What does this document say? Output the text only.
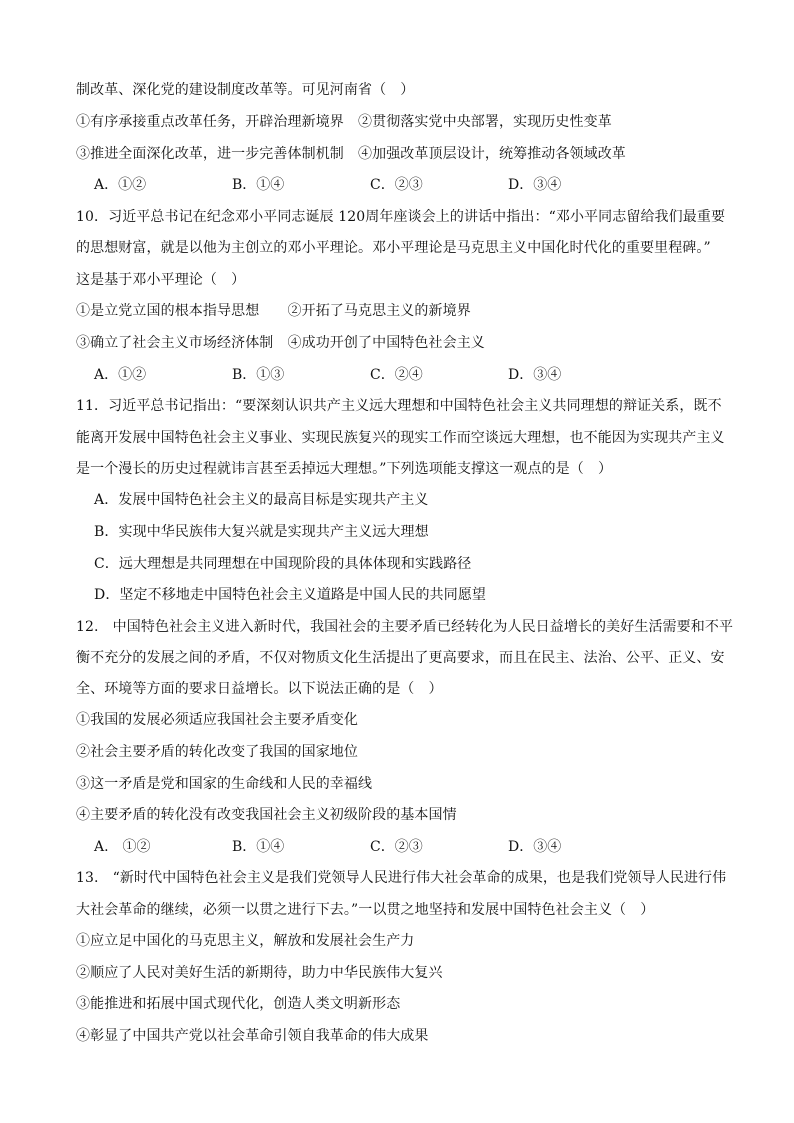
制改革、深化党的建设制度改革等。可见河南省（　）
①有序承接重点改革任务，开辟治理新境界　②贯彻落实党中央部署，实现历史性变革
③推进全面深化改革，进一步完善体制机制　④加强改革顶层设计，统筹推动各领域改革
A．①②	B．①④	C．②③	D．③④
10．习近平总书记在纪念邓小平同志诞辰 120周年座谈会上的讲话中指出：“邓小平同志留给我们最重要
的思想财富，就是以他为主创立的邓小平理论。邓小平理论是马克思主义中国化时代化的重要里程碑。”
这是基于邓小平理论（　）
①是立党立国的根本指导思想　　②开拓了马克思主义的新境界
③确立了社会主义市场经济体制　④成功开创了中国特色社会主义
A．①②	B．①③	C．②④	D．③④
11．习近平总书记指出：“要深刻认识共产主义远大理想和中国特色社会主义共同理想的辩证关系，既不
能离开发展中国特色社会主义事业、实现民族复兴的现实工作而空谈远大理想，也不能因为实现共产主义
是一个漫长的历史过程就讳言甚至丢掉远大理想。”下列选项能支撑这一观点的是（　）
A．发展中国特色社会主义的最高目标是实现共产主义
B．实现中华民族伟大复兴就是实现共产主义远大理想
C．远大理想是共同理想在中国现阶段的具体体现和实践路径
D．坚定不移地走中国特色社会主义道路是中国人民的共同愿望
12.　中国特色社会主义进入新时代，我国社会的主要矛盾已经转化为人民日益增长的美好生活需要和不平
衡不充分的发展之间的矛盾，不仅对物质文化生活提出了更高要求，而且在民主、法治、公平、正义、安
全、环境等方面的要求日益增长。以下说法正确的是（　）
①我国的发展必须适应我国社会主要矛盾变化
②社会主要矛盾的转化改变了我国的国家地位
③这一矛盾是党和国家的生命线和人民的幸福线
④主要矛盾的转化没有改变我国社会主义初级阶段的基本国情
A.　①②	B．①④	C．②③	D．③④
13.　“新时代中国特色社会主义是我们党领导人民进行伟大社会革命的成果，也是我们党领导人民进行伟
大社会革命的继续，必须一以贯之进行下去。”一以贯之地坚持和发展中国特色社会主义（　）
①应立足中国化的马克思主义，解放和发展社会生产力
②顺应了人民对美好生活的新期待，助力中华民族伟大复兴
③能推进和拓展中国式现代化，创造人类文明新形态
④彰显了中国共产党以社会革命引领自我革命的伟大成果
